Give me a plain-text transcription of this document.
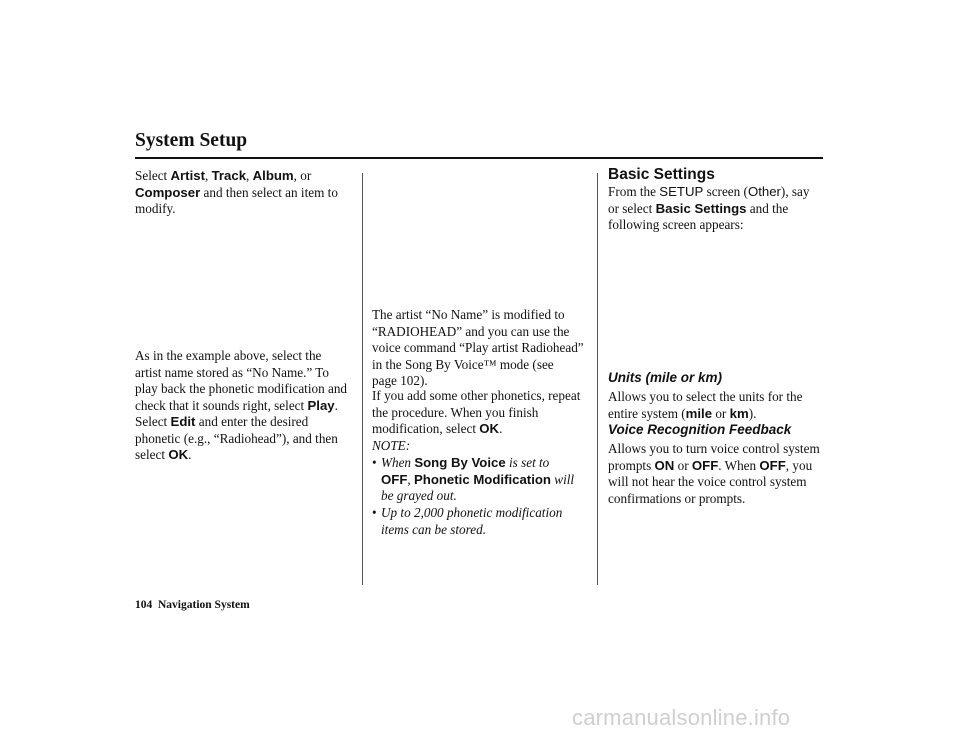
System Setup
Select Artist, Track, Album, or
Composer and then select an item to
modify.
As in the example above, select the
artist name stored as “No Name.” To
play back the phonetic modification and
check that it sounds right, select Play.
Select Edit and enter the desired
phonetic (e.g., “Radiohead”), and then
select OK.
The artist “No Name” is modified to
“RADIOHEAD” and you can use the
voice command “Play artist Radiohead”
in the Song By Voice™ mode (see
page 102).
If you add some other phonetics, repeat
the procedure. When you finish
modification, select OK.
NOTE:
• When Song By Voice is set to
OFF, Phonetic Modification will
be grayed out.
• Up to 2,000 phonetic modification
items can be stored.
Basic Settings
From the SETUP screen (Other), say
or select Basic Settings and the
following screen appears:
Units (mile or km)
Allows you to select the units for the
entire system (mile or km).
Voice Recognition Feedback
Allows you to turn voice control system
prompts ON or OFF. When OFF, you
will not hear the voice control system
confirmations or prompts.
104 Navigation System
carmanualsonline.info
